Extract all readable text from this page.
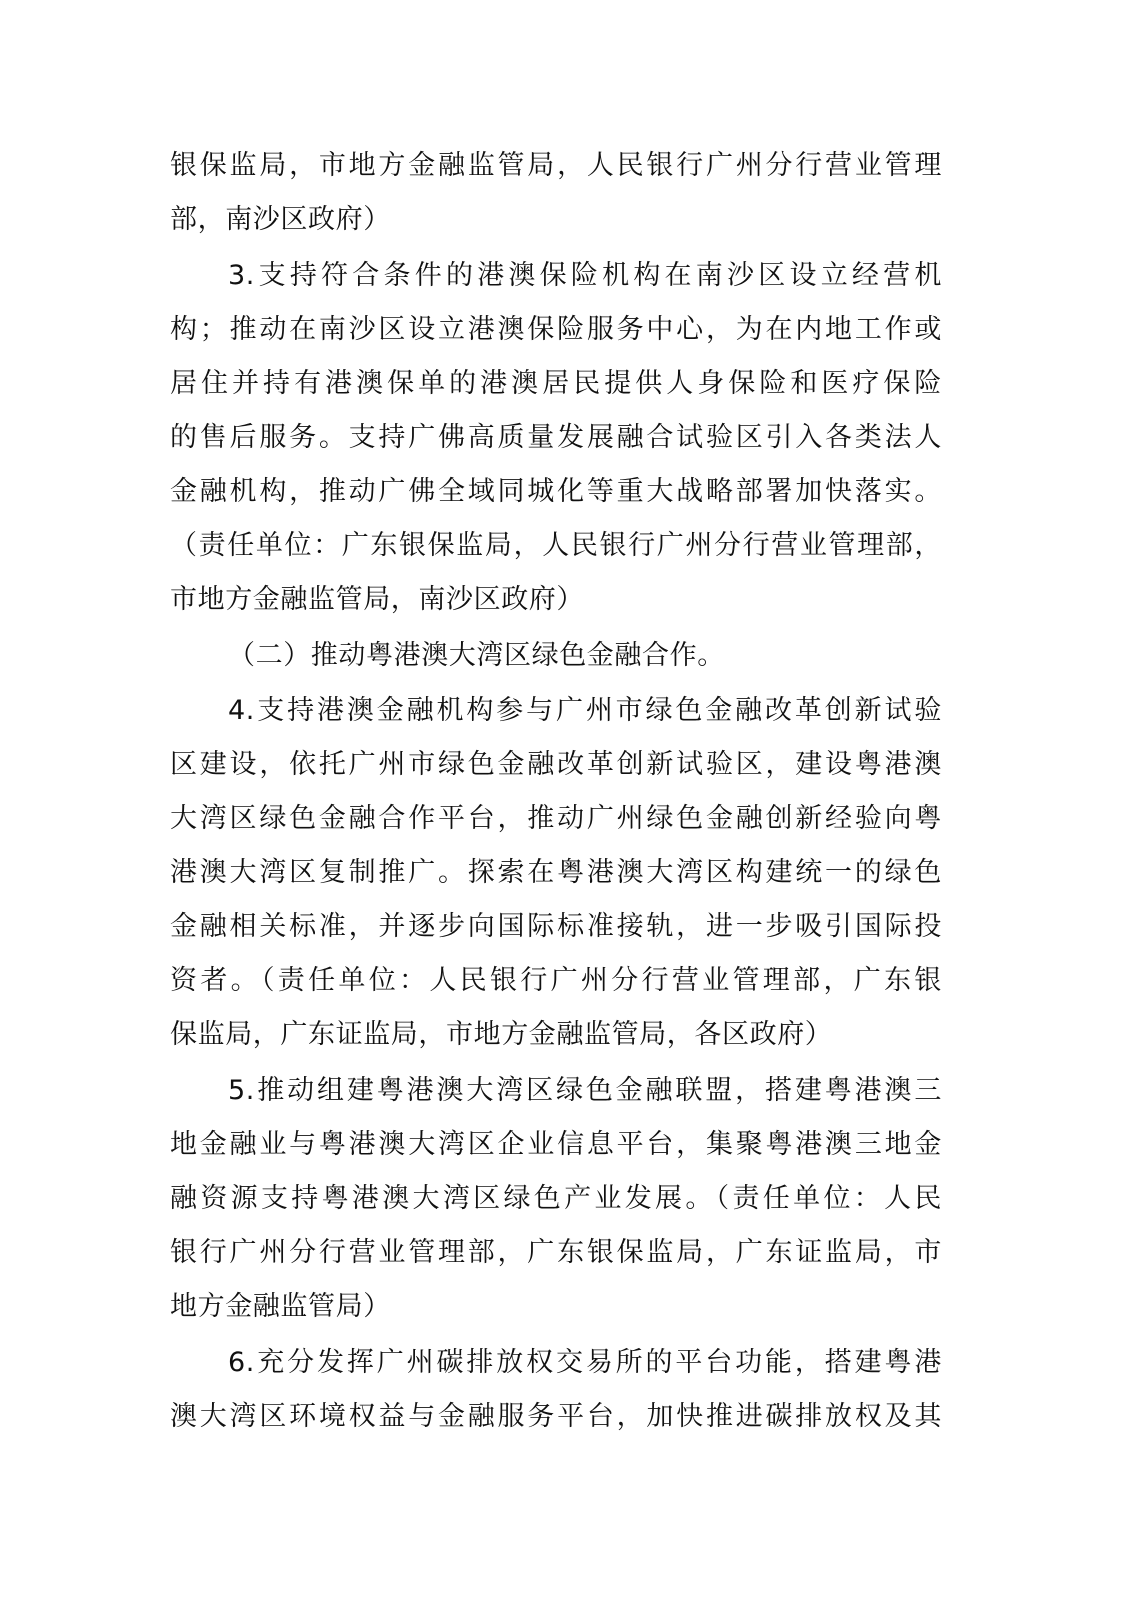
银保监局，市地方金融监管局，人民银行广州分行营业管理
部，南沙区政府）
3.支持符合条件的港澳保险机构在南沙区设立经营机
构；推动在南沙区设立港澳保险服务中心，为在内地工作或
居住并持有港澳保单的港澳居民提供人身保险和医疗保险
的售后服务。支持广佛高质量发展融合试验区引入各类法人
金融机构，推动广佛全域同城化等重大战略部署加快落实。
（责任单位：广东银保监局，人民银行广州分行营业管理部，
市地方金融监管局，南沙区政府）
（二）推动粤港澳大湾区绿色金融合作。
4.支持港澳金融机构参与广州市绿色金融改革创新试验
区建设，依托广州市绿色金融改革创新试验区，建设粤港澳
大湾区绿色金融合作平台，推动广州绿色金融创新经验向粤
港澳大湾区复制推广。探索在粤港澳大湾区构建统一的绿色
金融相关标准，并逐步向国际标准接轨，进一步吸引国际投
资者。（责任单位：人民银行广州分行营业管理部，广东银
保监局，广东证监局，市地方金融监管局，各区政府）
5.推动组建粤港澳大湾区绿色金融联盟，搭建粤港澳三
地金融业与粤港澳大湾区企业信息平台，集聚粤港澳三地金
融资源支持粤港澳大湾区绿色产业发展。（责任单位：人民
银行广州分行营业管理部，广东银保监局，广东证监局，市
地方金融监管局）
6.充分发挥广州碳排放权交易所的平台功能，搭建粤港
澳大湾区环境权益与金融服务平台，加快推进碳排放权及其
